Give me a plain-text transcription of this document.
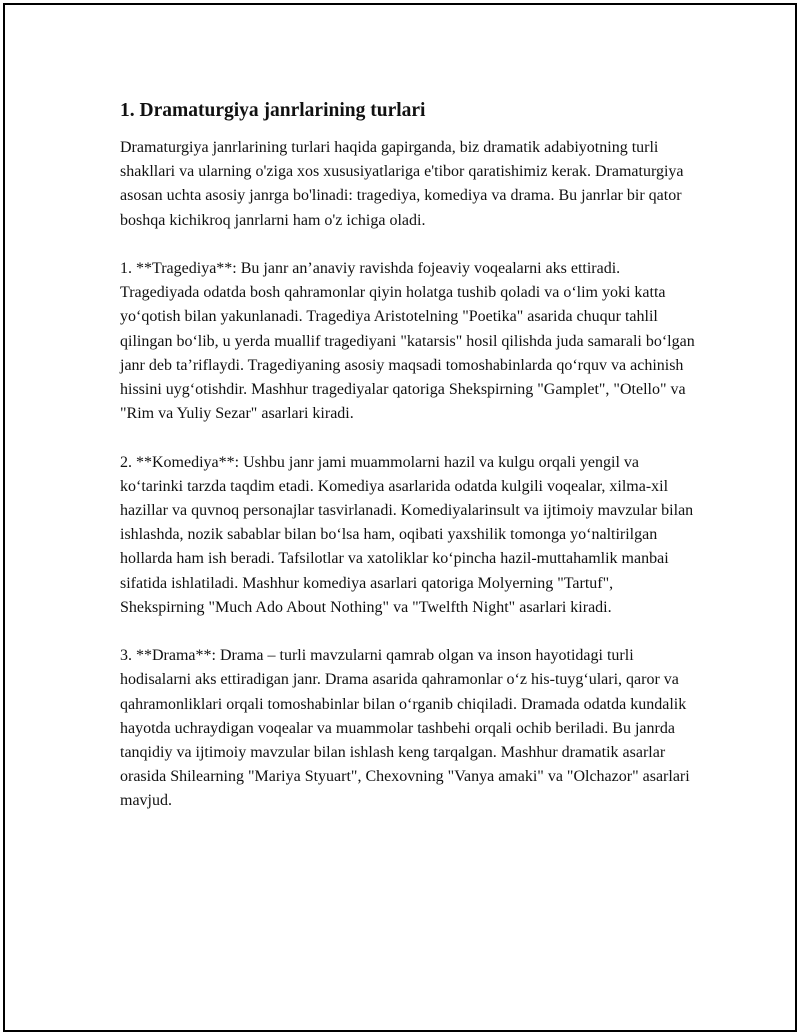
1. Dramaturgiya janrlarining turlari

Dramaturgiya janrlarining turlari haqida gapirganda, biz dramatik adabiyotning turli shakllari va ularning o'ziga xos xususiyatlariga e'tibor qaratishimiz kerak. Dramaturgiya asosan uchta asosiy janrga bo'linadi: tragediya, komediya va drama. Bu janrlar bir qator boshqa kichikroq janrlarni ham o'z ichiga oladi.

1. **Tragediya**: Bu janr an’anaviy ravishda fojeaviy voqealarni aks ettiradi. Tragediyada odatda bosh qahramonlar qiyin holatga tushib qoladi va o‘lim yoki katta yo‘qotish bilan yakunlanadi. Tragediya Aristotelning "Poetika" asarida chuqur tahlil qilingan bo‘lib, u yerda muallif tragediyani "katarsis" hosil qilishda juda samarali bo‘lgan janr deb ta’riflaydi. Tragediyaning asosiy maqsadi tomoshabinlarda qo‘rquv va achinish hissini uyg‘otishdir. Mashhur tragediyalar qatoriga Shekspirning "Gamplet", "Otello" va "Rim va Yuliy Sezar" asarlari kiradi.

2. **Komediya**: Ushbu janr jami muammolarni hazil va kulgu orqali yengil va ko‘tarinki tarzda taqdim etadi. Komediya asarlarida odatda kulgili voqealar, xilma-xil hazillar va quvnoq personajlar tasvirlanadi. Komediyalarinsult va ijtimoiy mavzular bilan ishlashda, nozik sabablar bilan bo‘lsa ham, oqibati yaxshilik tomonga yo‘naltirilgan hollarda ham ish beradi. Tafsilotlar va xatoliklar ko‘pincha hazil-muttahamlik manbai sifatida ishlatiladi. Mashhur komediya asarlari qatoriga Molyerning "Tartuf", Shekspirning "Much Ado About Nothing" va "Twelfth Night" asarlari kiradi.

3. **Drama**: Drama – turli mavzularni qamrab olgan va inson hayotidagi turli hodisalarni aks ettiradigan janr. Drama asarida qahramonlar o‘z his-tuyg‘ulari, qaror va qahramonliklari orqali tomoshabinlar bilan o‘rganib chiqiladi. Dramada odatda kundalik hayotda uchraydigan voqealar va muammolar tashbehi orqali ochib beriladi. Bu janrda tanqidiy va ijtimoiy mavzular bilan ishlash keng tarqalgan. Mashhur dramatik asarlar orasida Shilearning "Mariya Styuart", Chexovning "Vanya amaki" va "Olchazor" asarlari mavjud.
